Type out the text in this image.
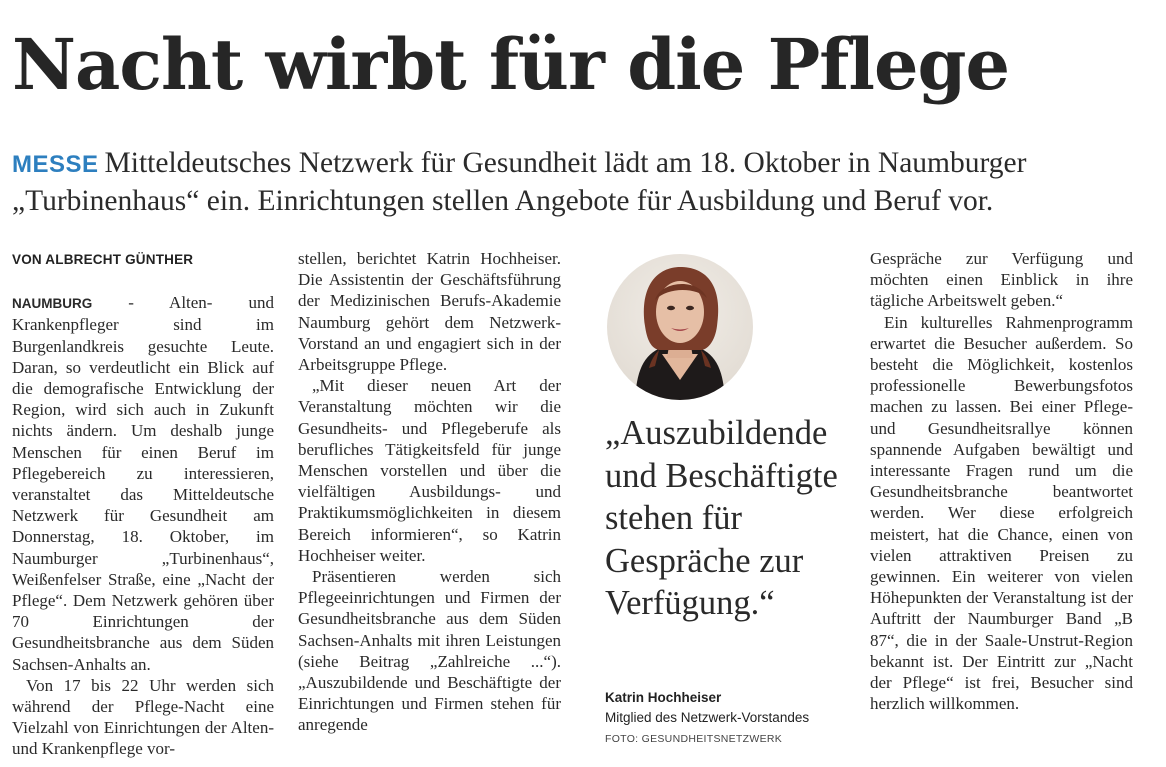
Nacht wirbt für die Pflege
MESSE Mitteldeutsches Netzwerk für Gesundheit lädt am 18. Oktober in Naumburger „Turbinenhaus“ ein. Einrichtungen stellen Angebote für Ausbildung und Beruf vor.
VON ALBRECHT GÜNTHER

NAUMBURG - Alten- und Krankenpfleger sind im Burgenlandkreis gesuchte Leute. Daran, so verdeutlicht ein Blick auf die demografische Entwicklung der Region, wird sich auch in Zukunft nichts ändern. Um deshalb junge Menschen für einen Beruf im Pflegebereich zu interessieren, veranstaltet das Mitteldeutsche Netzwerk für Gesundheit am Donnerstag, 18. Oktober, im Naumburger „Turbinenhaus“, Weißenfelser Straße, eine „Nacht der Pflege“. Dem Netzwerk gehören über 70 Einrichtungen der Gesundheitsbranche aus dem Süden Sachsen-Anhalts an.

Von 17 bis 22 Uhr werden sich während der Pflege-Nacht eine Vielzahl von Einrichtungen der Alten- und Krankenpflege vor-

stellen, berichtet Katrin Hochheiser. Die Assistentin der Geschäftsführung der Medizinischen Berufs-Akademie Naumburg gehört dem Netzwerk-Vorstand an und engagiert sich in der Arbeitsgruppe Pflege.

„Mit dieser neuen Art der Veranstaltung möchten wir die Gesundheits- und Pflegeberufe als berufliches Tätigkeitsfeld für junge Menschen vorstellen und über die vielfältigen Ausbildungs- und Praktikumsmöglichkeiten in diesem Bereich informieren“, so Katrin Hochheiser weiter.

Präsentieren werden sich Pflegeeinrichtungen und Firmen der Gesundheitsbranche aus dem Süden Sachsen-Anhalts mit ihren Leistungen (siehe Beitrag „Zahlreiche ...“). „Auszubildende und Beschäftigte der Einrichtungen und Firmen stehen für anregende

„Auszubildende und Beschäftigte stehen für Gespräche zur Verfügung.“
Katrin Hochheiser
Mitglied des Netzwerk-Vorstandes
FOTO: GESUNDHEITSNETZWERK

Gespräche zur Verfügung und möchten einen Einblick in ihre tägliche Arbeitswelt geben.“

Ein kulturelles Rahmenprogramm erwartet die Besucher außerdem. So besteht die Möglichkeit, kostenlos professionelle Bewerbungsfotos machen zu lassen. Bei einer Pflege- und Gesundheitsrallye können spannende Aufgaben bewältigt und interessante Fragen rund um die Gesundheitsbranche beantwortet werden. Wer diese erfolgreich meistert, hat die Chance, einen von vielen attraktiven Preisen zu gewinnen. Ein weiterer von vielen Höhepunkten der Veranstaltung ist der Auftritt der Naumburger Band „B 87“, die in der Saale-Unstrut-Region bekannt ist. Der Eintritt zur „Nacht der Pflege“ ist frei, Besucher sind herzlich willkommen.
